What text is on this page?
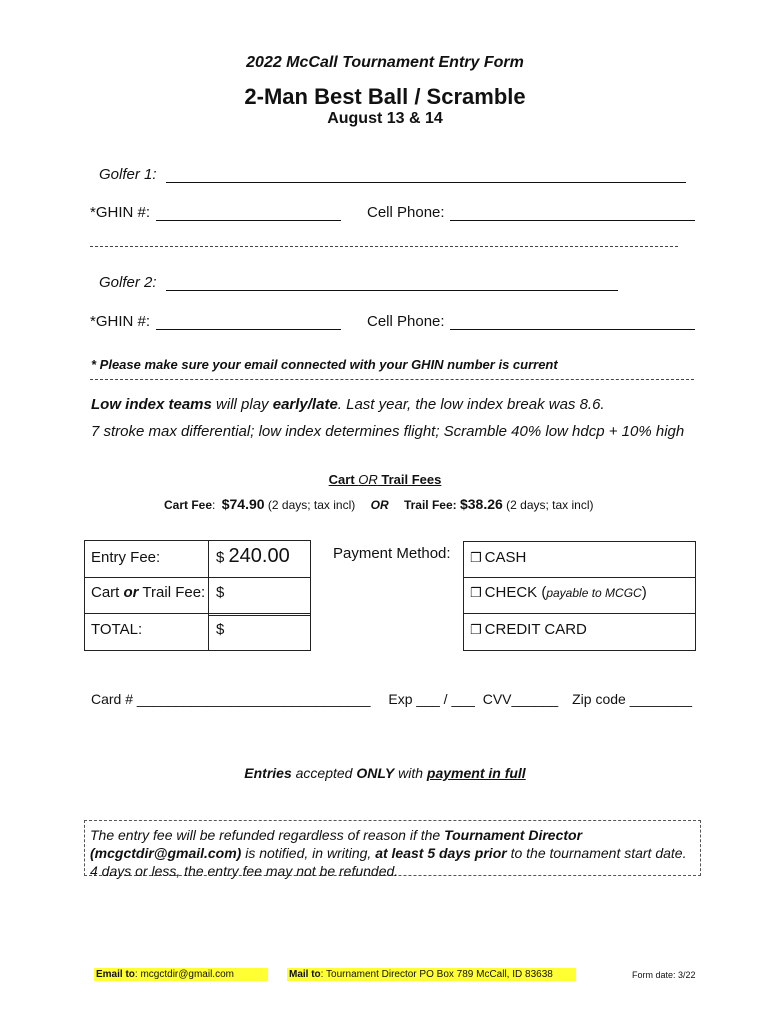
2022 McCall Tournament Entry Form
2-Man Best Ball / Scramble
August 13 & 14
Golfer 1:
*GHIN #:	Cell Phone:
Golfer 2:
*GHIN #:	Cell Phone:
* Please make sure your email connected with your GHIN number is current
Low index teams will play early/late. Last year, the low index break was 8.6.
7 stroke max differential; low index determines flight; Scramble 40% low hdcp + 10% high
Cart OR Trail Fees
Cart Fee: $74.90 (2 days; tax incl) OR Trail Fee: $38.26 (2 days; tax incl)
Entry Fee:	$ 240.00
Cart or Trail Fee: $
TOTAL:	$
Payment Method: ❒ CASH
❒ CHECK (payable to MCGC)
❒ CREDIT CARD
Card # ______________________________ Exp ___ / ___ CVV______ Zip code ________
Entries accepted ONLY with payment in full
The entry fee will be refunded regardless of reason if the Tournament Director (mcgctdir@gmail.com) is notified, in writing, at least 5 days prior to the tournament start date. 4 days or less, the entry fee may not be refunded.
Email to: mcgctdir@gmail.com	Mail to: Tournament Director PO Box 789 McCall, ID 83638	Form date: 3/22
